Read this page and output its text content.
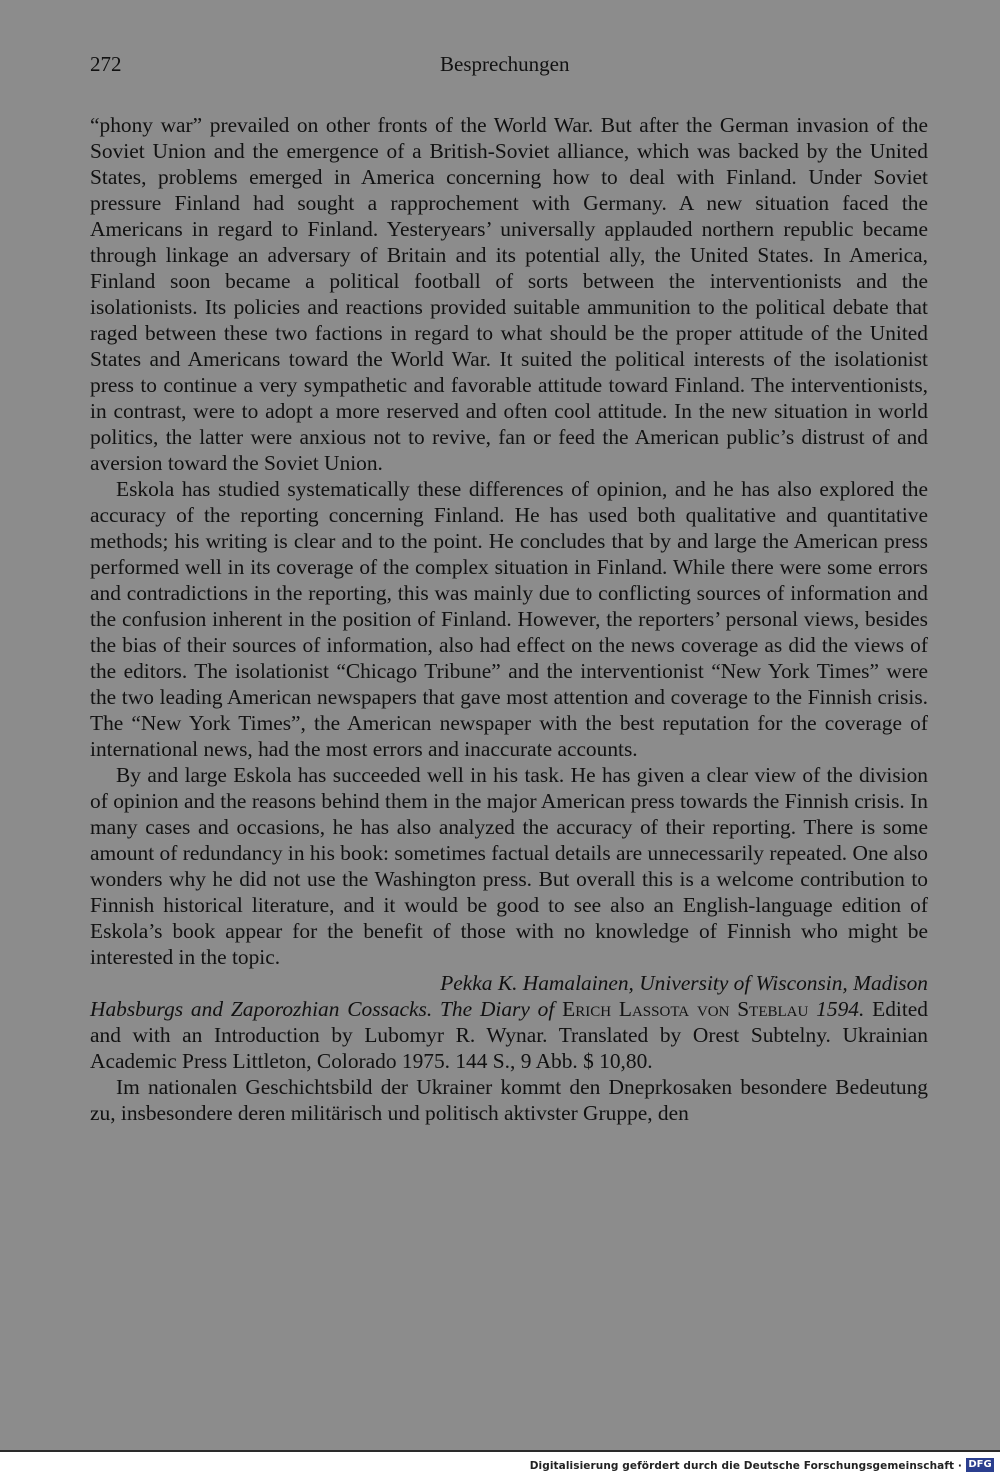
272	Besprechungen

“phony war” prevailed on other fronts of the World War. But after the German invasion of the Soviet Union and the emergence of a British-Soviet alliance, which was backed by the United States, problems emerged in America concerning how to deal with Finland. Under Soviet pressure Finland had sought a rapprochement with Germany. A new situation faced the Americans in regard to Finland. Yesteryears’ universally applauded northern republic became through linkage an adversary of Britain and its potential ally, the United States. In America, Finland soon became a political football of sorts between the interventionists and the isolationists. Its policies and reactions provided suitable ammunition to the political debate that raged between these two factions in regard to what should be the proper attitude of the United States and Americans toward the World War. It suited the political interests of the isolationist press to continue a very sympathetic and favorable attitude toward Finland. The interventionists, in contrast, were to adopt a more reserved and often cool attitude. In the new situation in world politics, the latter were anxious not to revive, fan or feed the American public’s distrust of and aversion toward the Soviet Union.

Eskola has studied systematically these differences of opinion, and he has also explored the accuracy of the reporting concerning Finland. He has used both qualitative and quantitative methods; his writing is clear and to the point. He concludes that by and large the American press performed well in its coverage of the complex situation in Finland. While there were some errors and contradictions in the reporting, this was mainly due to conflicting sources of information and the confusion inherent in the position of Finland. However, the reporters’ personal views, besides the bias of their sources of information, also had effect on the news coverage as did the views of the editors. The isolationist “Chicago Tribune” and the interventionist “New York Times” were the two leading American newspapers that gave most attention and coverage to the Finnish crisis. The “New York Times”, the American newspaper with the best reputation for the coverage of international news, had the most errors and inaccurate accounts.

By and large Eskola has succeeded well in his task. He has given a clear view of the division of opinion and the reasons behind them in the major American press towards the Finnish crisis. In many cases and occasions, he has also analyzed the accuracy of their reporting. There is some amount of redundancy in his book: sometimes factual details are unnecessarily repeated. One also wonders why he did not use the Washington press. But overall this is a welcome contribution to Finnish historical literature, and it would be good to see also an English-language edition of Eskola’s book appear for the benefit of those with no knowledge of Finnish who might be interested in the topic.

Pekka K. Hamalainen, University of Wisconsin, Madison

Habsburgs and Zaporozhian Cossacks. The Diary of Erich Lassota von Steblau 1594. Edited and with an Introduction by Lubomyr R. Wynar. Translated by Orest Subtelny. Ukrainian Academic Press Littleton, Colorado 1975. 144 S., 9 Abb. $ 10,80.

Im nationalen Geschichtsbild der Ukrainer kommt den Dneprkosaken besondere Bedeutung zu, insbesondere deren militärisch und politisch aktivster Gruppe, den

Digitalisierung gefördert durch die Deutsche Forschungsgemeinschaft · DFG
